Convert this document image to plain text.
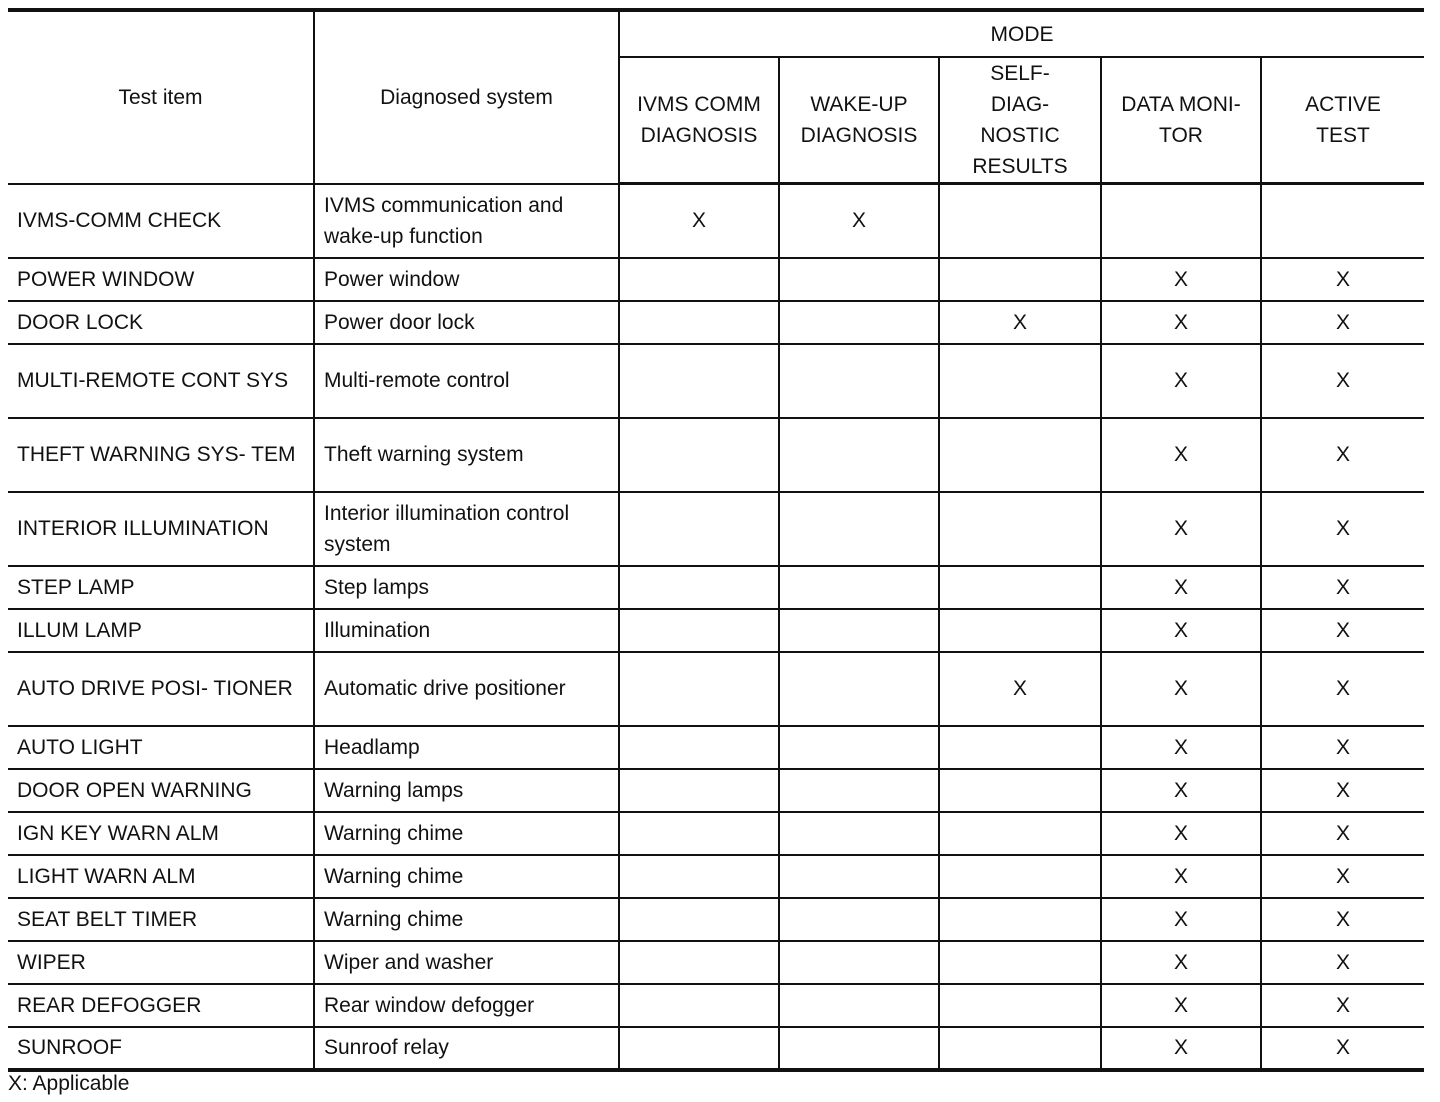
Test item	Diagnosed system	MODE				
		IVMS COMM DIAGNOSIS	WAKE-UP DIAGNOSIS	SELF-DIAG- NOSTIC RESULTS	DATA MONI- TOR	ACTIVE TEST
IVMS-COMM CHECK	IVMS communication and wake-up function	X	X			
POWER WINDOW	Power window				X	X
DOOR LOCK	Power door lock			X	X	X
MULTI-REMOTE CONT SYS	Multi-remote control				X	X
THEFT WARNING SYS- TEM	Theft warning system				X	X
INTERIOR ILLUMINATION	Interior illumination control system				X	X
STEP LAMP	Step lamps				X	X
ILLUM LAMP	Illumination				X	X
AUTO DRIVE POSI- TIONER	Automatic drive positioner			X	X	X
AUTO LIGHT	Headlamp				X	X
DOOR OPEN WARNING	Warning lamps				X	X
IGN KEY WARN ALM	Warning chime				X	X
LIGHT WARN ALM	Warning chime				X	X
SEAT BELT TIMER	Warning chime				X	X
WIPER	Wiper and washer				X	X
REAR DEFOGGER	Rear window defogger				X	X
SUNROOF	Sunroof relay				X	X
X: Applicable
